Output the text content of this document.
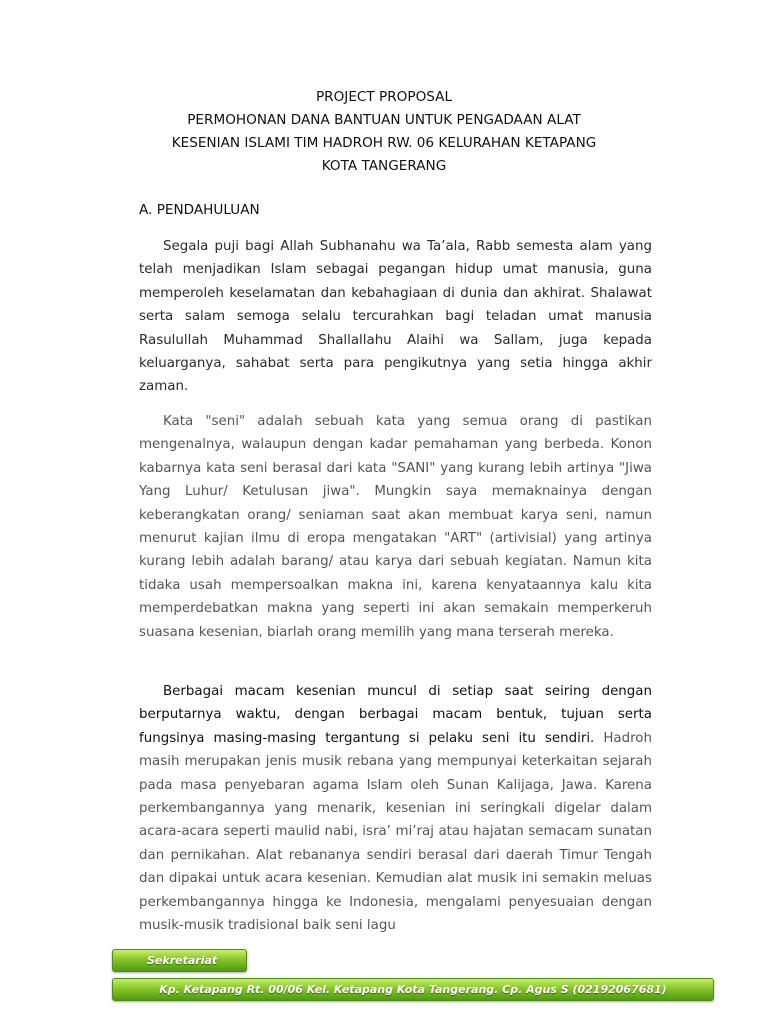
PROJECT PROPOSAL
PERMOHONAN DANA BANTUAN UNTUK PENGADAAN ALAT
KESENIAN ISLAMI TIM HADROH RW. 06 KELURAHAN KETAPANG
KOTA TANGERANG
A. PENDAHULUAN

Segala puji bagi Allah Subhanahu wa Ta’ala, Rabb semesta alam yang telah menjadikan Islam sebagai pegangan hidup umat manusia, guna memperoleh keselamatan dan kebahagiaan di dunia dan akhirat. Shalawat serta salam semoga selalu tercurahkan bagi teladan umat manusia Rasulullah Muhammad Shallallahu Alaihi wa Sallam, juga kepada keluarganya, sahabat serta para pengikutnya yang setia hingga akhir zaman.

Kata "seni" adalah sebuah kata yang semua orang di pastikan mengenalnya, walaupun dengan kadar pemahaman yang berbeda. Konon kabarnya kata seni berasal dari kata "SANI" yang kurang lebih artinya "Jiwa Yang Luhur/ Ketulusan jiwa". Mungkin saya memaknainya dengan keberangkatan orang/ seniaman saat akan membuat karya seni, namun menurut kajian ilmu di eropa mengatakan "ART" (artivisial) yang artinya kurang lebih adalah barang/ atau karya dari sebuah kegiatan. Namun kita tidaka usah mempersoalkan makna ini, karena kenyataannya kalu kita memperdebatkan makna yang seperti ini akan semakain memperkeruh suasana kesenian, biarlah orang memilih yang mana terserah mereka.

Berbagai macam kesenian muncul di setiap saat seiring dengan berputarnya waktu, dengan berbagai macam bentuk, tujuan serta fungsinya masing-masing tergantung si pelaku seni itu sendiri. Hadroh masih merupakan jenis musik rebana yang mempunyai keterkaitan sejarah pada masa penyebaran agama Islam oleh Sunan Kalijaga, Jawa. Karena perkembangannya yang menarik, kesenian ini seringkali digelar dalam acara-acara seperti maulid nabi, isra’ mi’raj atau hajatan semacam sunatan dan pernikahan. Alat rebananya sendiri berasal dari daerah Timur Tengah dan dipakai untuk acara kesenian. Kemudian alat musik ini semakin meluas perkembangannya hingga ke Indonesia, mengalami penyesuaian dengan musik-musik tradisional baik seni lagu

Sekretariat
Kp. Ketapang Rt. 00/06 Kel. Ketapang Kota Tangerang. Cp. Agus S (02192067681)
